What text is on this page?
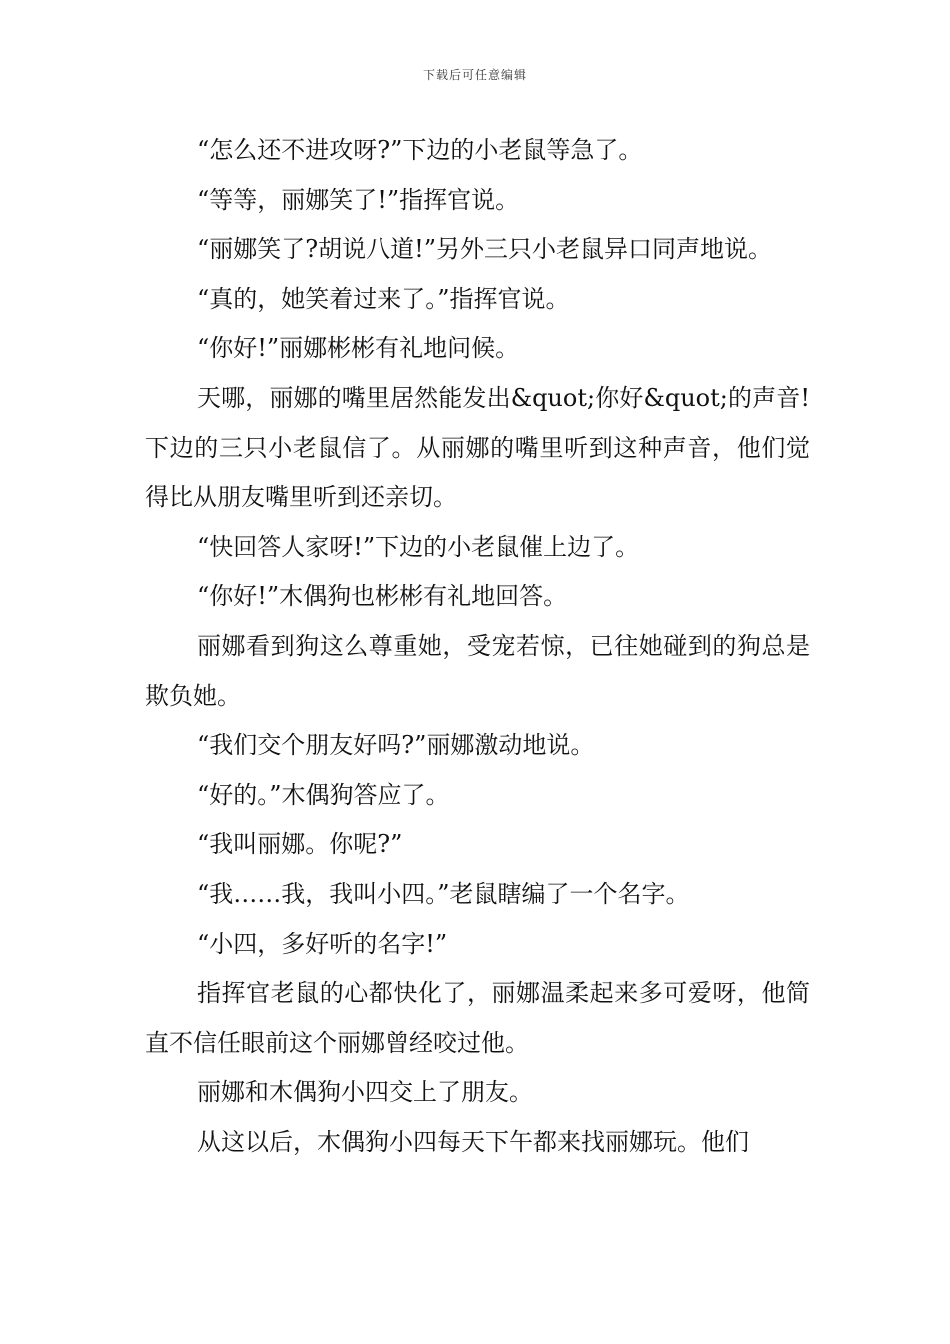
下载后可任意编辑

“怎么还不进攻呀?”下边的小老鼠等急了。

“等等，丽娜笑了!”指挥官说。

“丽娜笑了?胡说八道!”另外三只小老鼠异口同声地说。

“真的，她笑着过来了。”指挥官说。

“你好!”丽娜彬彬有礼地问候。

天哪，丽娜的嘴里居然能发出&quot;你好&quot;的声音!下边的三只小老鼠信了。从丽娜的嘴里听到这种声音，他们觉得比从朋友嘴里听到还亲切。

“快回答人家呀!”下边的小老鼠催上边了。

“你好!”木偶狗也彬彬有礼地回答。

丽娜看到狗这么尊重她，受宠若惊，已往她碰到的狗总是欺负她。

“我们交个朋友好吗?”丽娜激动地说。

“好的。”木偶狗答应了。

“我叫丽娜。你呢?”

“我……我，我叫小四。”老鼠瞎编了一个名字。

“小四，多好听的名字!”

指挥官老鼠的心都快化了，丽娜温柔起来多可爱呀，他简直不信任眼前这个丽娜曾经咬过他。

丽娜和木偶狗小四交上了朋友。

从这以后，木偶狗小四每天下午都来找丽娜玩。他们
